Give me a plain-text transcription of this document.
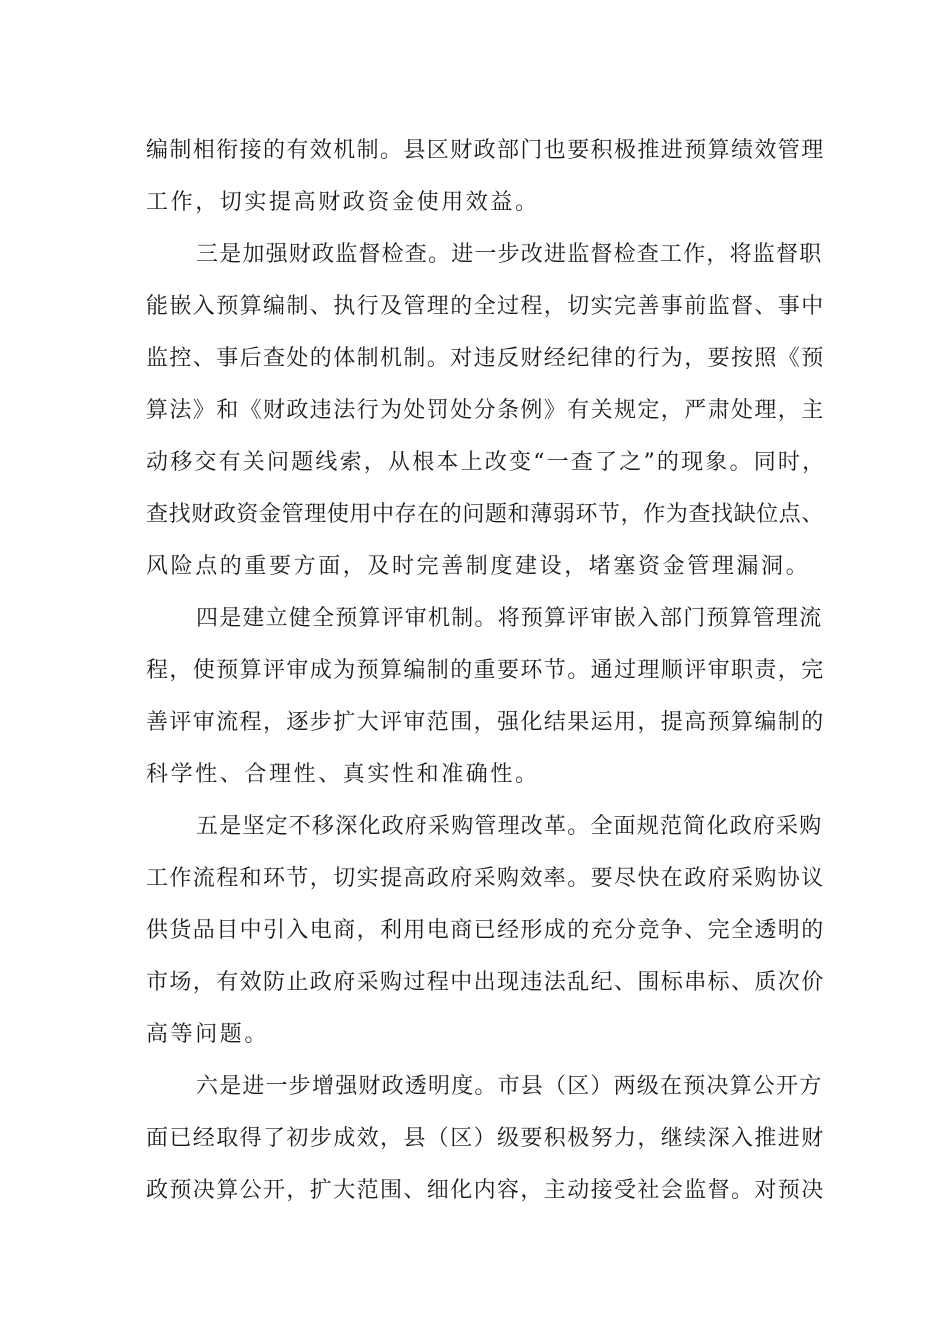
编制相衔接的有效机制。县区财政部门也要积极推进预算绩效管理
工作，切实提高财政资金使用效益。
三是加强财政监督检查。进一步改进监督检查工作，将监督职
能嵌入预算编制、执行及管理的全过程，切实完善事前监督、事中
监控、事后查处的体制机制。对违反财经纪律的行为，要按照《预
算法》和《财政违法行为处罚处分条例》有关规定，严肃处理，主
动移交有关问题线索，从根本上改变“一查了之”的现象。同时，
查找财政资金管理使用中存在的问题和薄弱环节，作为查找缺位点、
风险点的重要方面，及时完善制度建设，堵塞资金管理漏洞。
四是建立健全预算评审机制。将预算评审嵌入部门预算管理流
程，使预算评审成为预算编制的重要环节。通过理顺评审职责，完
善评审流程，逐步扩大评审范围，强化结果运用，提高预算编制的
科学性、合理性、真实性和准确性。
五是坚定不移深化政府采购管理改革。全面规范简化政府采购
工作流程和环节，切实提高政府采购效率。要尽快在政府采购协议
供货品目中引入电商，利用电商已经形成的充分竞争、完全透明的
市场，有效防止政府采购过程中出现违法乱纪、围标串标、质次价
高等问题。
六是进一步增强财政透明度。市县（区）两级在预决算公开方
面已经取得了初步成效，县（区）级要积极努力，继续深入推进财
政预决算公开，扩大范围、细化内容，主动接受社会监督。对预决
